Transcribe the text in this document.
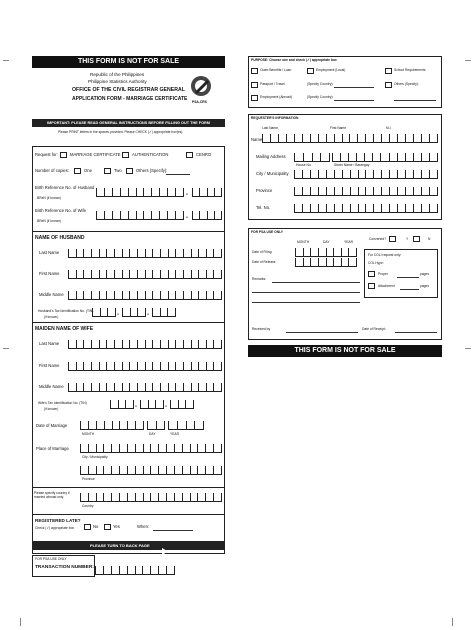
THIS FORM IS NOT FOR SALE
Republic of the Philippines
Philippine Statistics Authority
OFFICE OF THE CIVIL REGISTRAR GENERAL
APPLICATION FORM - MARRIAGE CERTIFICATE PSA-CRS
IMPORTANT: PLEASE READ GENERAL INSTRUCTIONS BEFORE FILLING OUT THE FORM
Please PRINT letters in the spaces provided. Please CHECK (✓) appropriate box(es).
Request for:	MARRIAGE CERTIFICATE	AUTHENTICATION	CENRO
Number of copies:	One	Two	Others (Specify):
Birth Reference No. of Husband
BReN (if known)	-
Birth Reference No. of Wife
BReN (if known)	-
NAME OF HUSBAND
Last Name
First Name
Middle Name
Husband's Tax Identification No. (TIN)
(if known)	-	-
MAIDEN NAME OF WIFE
Last Name
First Name
Middle Name
Wife's Tax Identification No. (TIN)
(if known)	-	-
Date of Marriage
MONTH	DAY	YEAR
Place of Marriage
City / Municipality
Province
Please specify country if married abroad only.
Country
REGISTERED LATE?
Check (✓) appropriate box	No	Yes	When:
PLEASE TURN TO BACK PAGE
FOR PSA USE ONLY
TRANSACTION NUMBER:
PURPOSE: Choose one and check (✓) appropriate box
Claim Benefits / Loan	Employment (Local)	School Requirements
Passport / Travel	(Specify Country):	Others (Specify):
Employment (Abroad)	(Specify Country):
REQUESTER'S INFORMATION
Last Name,	First Name	M.I.
Name
Mailing Address
House No.	Street Name / Barangay
City / Municipality
Province
Tel. No.
FOR PSA USE ONLY
MONTH	DAY	YEAR
Date of Filing:
Date of Release
Remarks:
Converted?	Y	N
For COLI request only:
COLI type:
Proper	pages
Attachment	pages
Received by	Date of Receipt:
THIS FORM IS NOT FOR SALE
